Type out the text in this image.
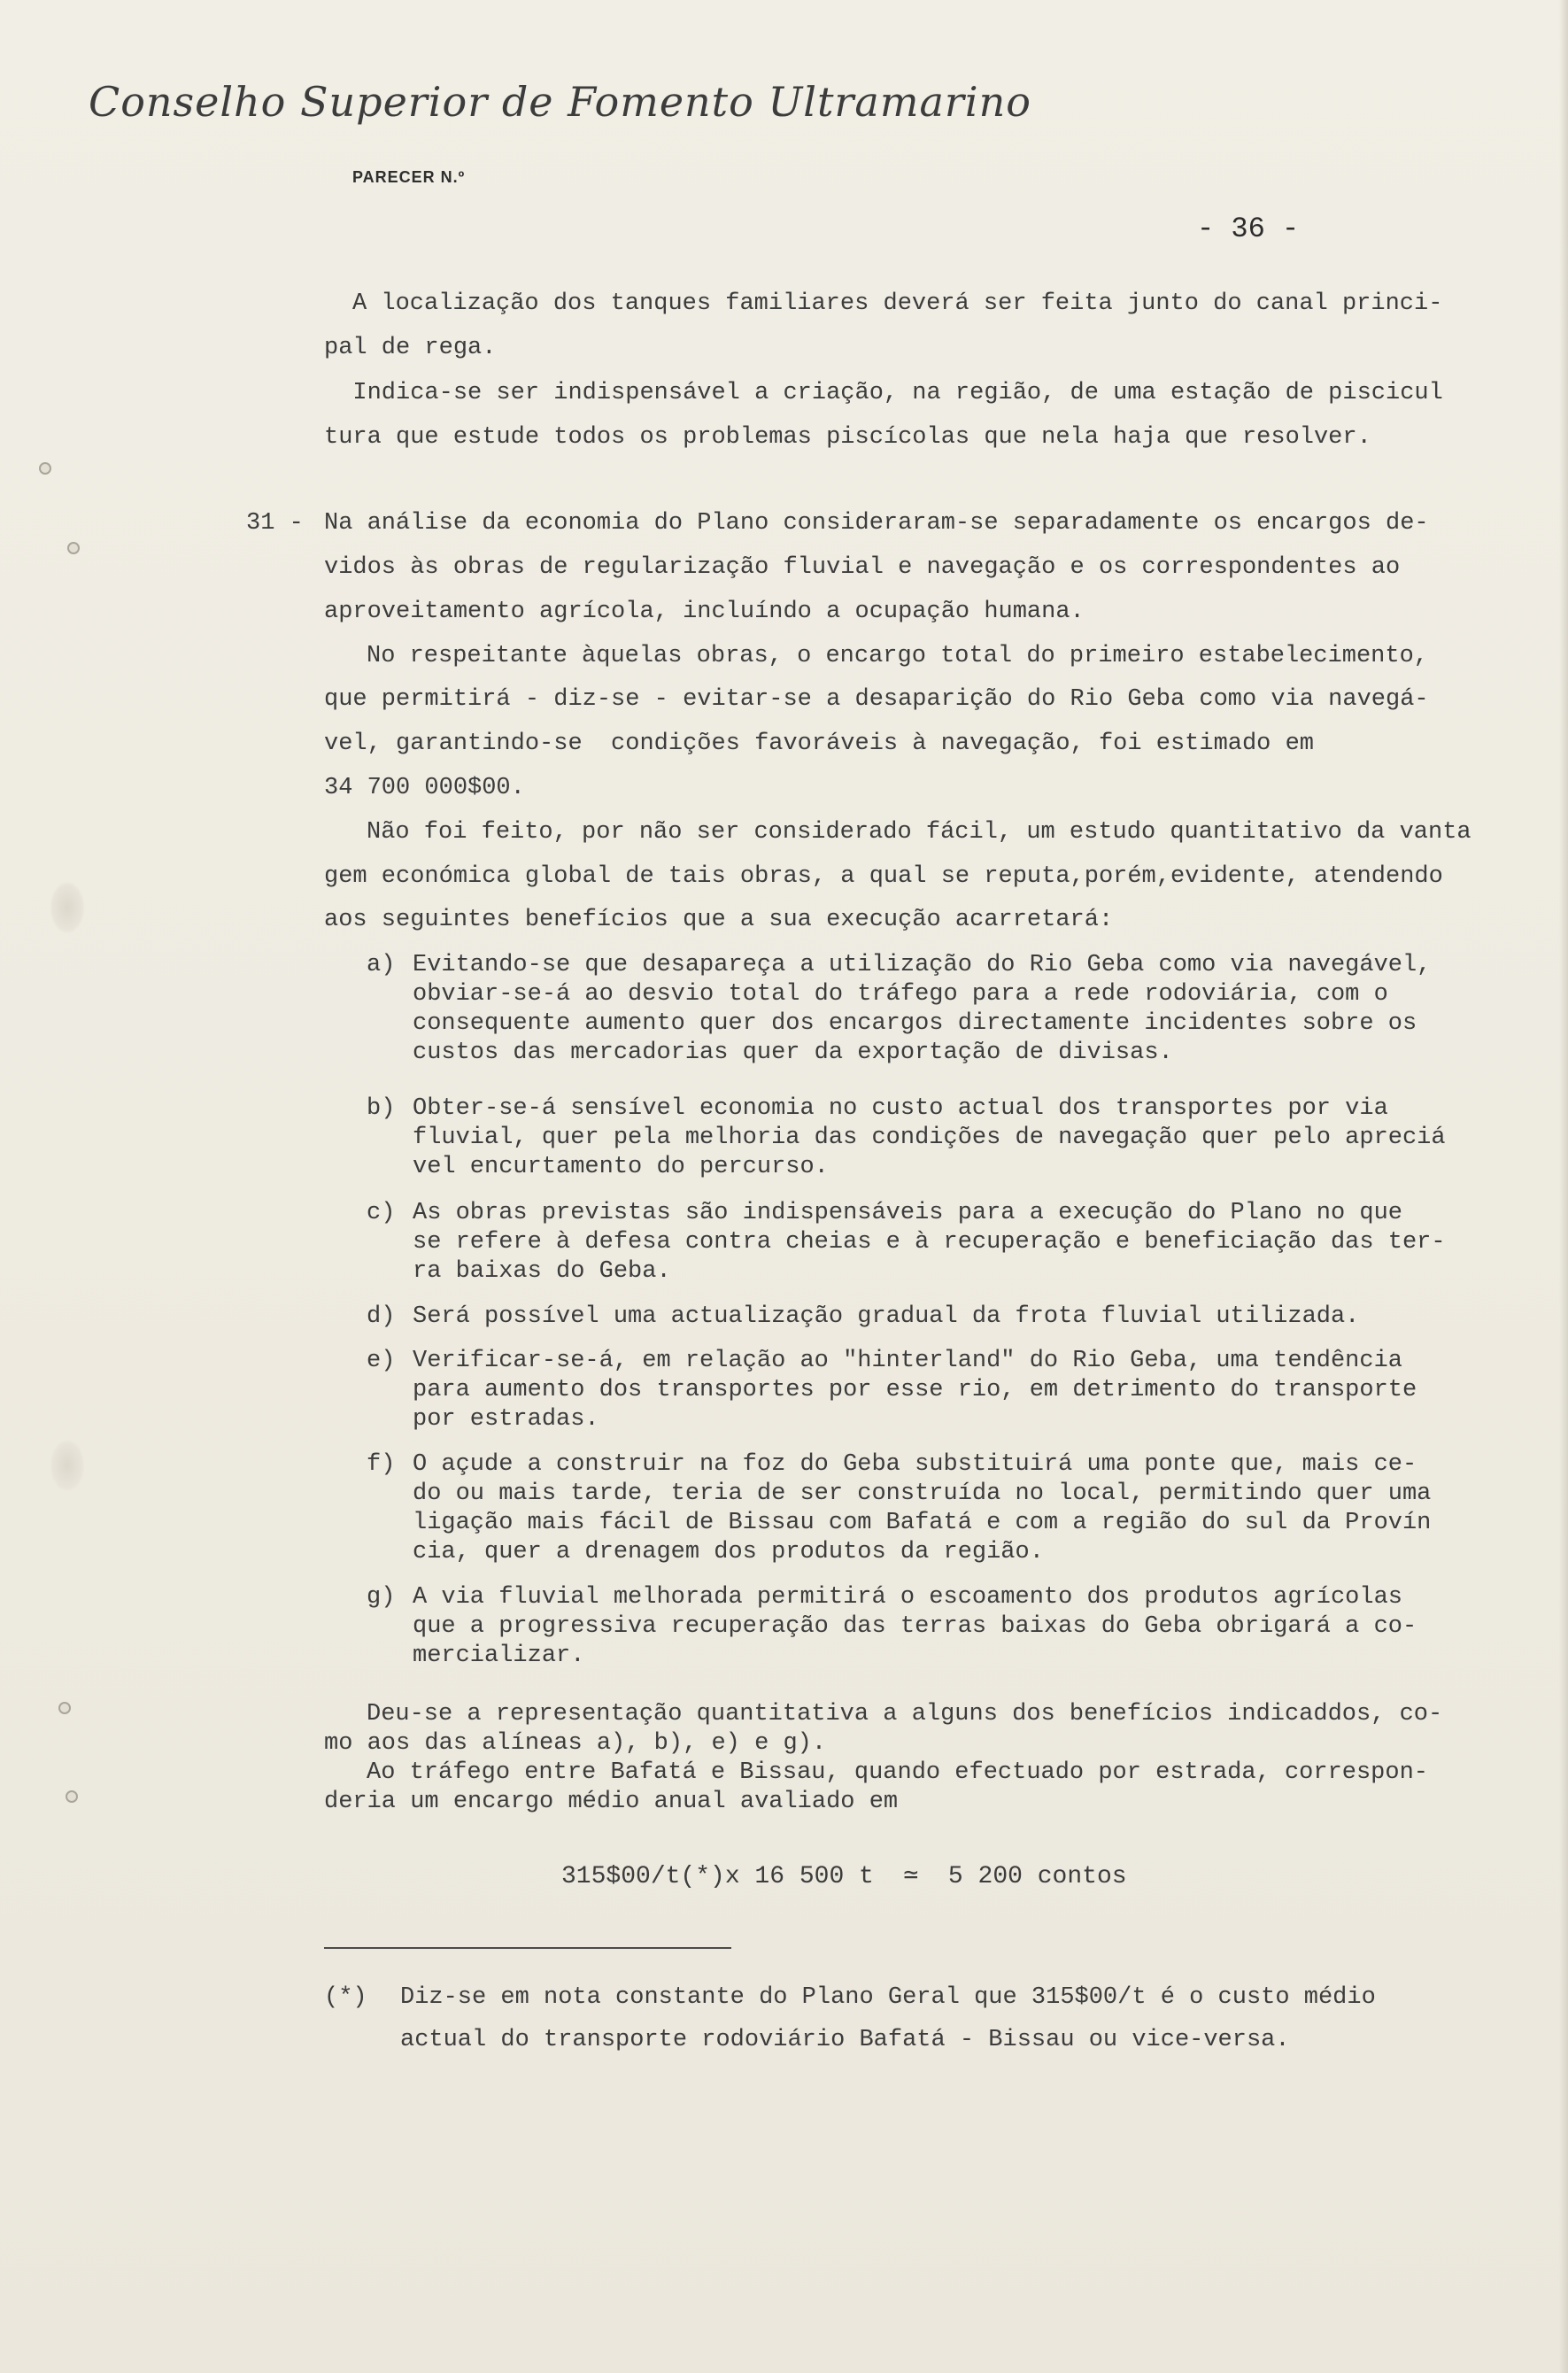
Conselho Superior de Fomento Ultramarino
PARECER N.º
- 36 -
A localização dos tanques familiares deverá ser feita junto do canal princi-
pal de rega.
Indica-se ser indispensável a criação, na região, de uma estação de piscicul
tura que estude todos os problemas piscícolas que nela haja que resolver.
31 - Na análise da economia do Plano consideraram-se separadamente os encargos de-
vidos às obras de regularização fluvial e navegação e os correspondentes ao
aproveitamento agrícola, incluíndo a ocupação humana.
No respeitante àquelas obras, o encargo total do primeiro estabelecimento,
que permitirá - diz-se - evitar-se a desaparição do Rio Geba como via navegá-
vel, garantindo-se  condições favoráveis à navegação, foi estimado em
34 700 000$00.
Não foi feito, por não ser considerado fácil, um estudo quantitativo da vanta
gem económica global de tais obras, a qual se reputa,porém,evidente, atendendo
aos seguintes benefícios que a sua execução acarretará:
a) Evitando-se que desapareça a utilização do Rio Geba como via navegável,
obviar-se-á ao desvio total do tráfego para a rede rodoviária, com o
consequente aumento quer dos encargos directamente incidentes sobre os
custos das mercadorias quer da exportação de divisas.
b) Obter-se-á sensível economia no custo actual dos transportes por via
fluvial, quer pela melhoria das condições de navegação quer pelo apreciá
vel encurtamento do percurso.
c) As obras previstas são indispensáveis para a execução do Plano no que
se refere à defesa contra cheias e à recuperação e beneficiação das ter-
ra baixas do Geba.
d) Será possível uma actualização gradual da frota fluvial utilizada.
e) Verificar-se-á, em relação ao "hinterland" do Rio Geba, uma tendência
para aumento dos transportes por esse rio, em detrimento do transporte
por estradas.
f) O açude a construir na foz do Geba substituirá uma ponte que, mais ce-
do ou mais tarde, teria de ser construída no local, permitindo quer uma
ligação mais fácil de Bissau com Bafatá e com a região do sul da Provín
cia, quer a drenagem dos produtos da região.
g) A via fluvial melhorada permitirá o escoamento dos produtos agrícolas
que a progressiva recuperação das terras baixas do Geba obrigará a co-
mercializar.
Deu-se a representação quantitativa a alguns dos benefícios indicaddos, co-
mo aos das alíneas a), b), e) e g).
Ao tráfego entre Bafatá e Bissau, quando efectuado por estrada, correspon-
deria um encargo médio anual avaliado em
315$00/t(*)x 16 500 t  ≃  5 200 contos
(*) Diz-se em nota constante do Plano Geral que 315$00/t é o custo médio
actual do transporte rodoviário Bafatá - Bissau ou vice-versa.
